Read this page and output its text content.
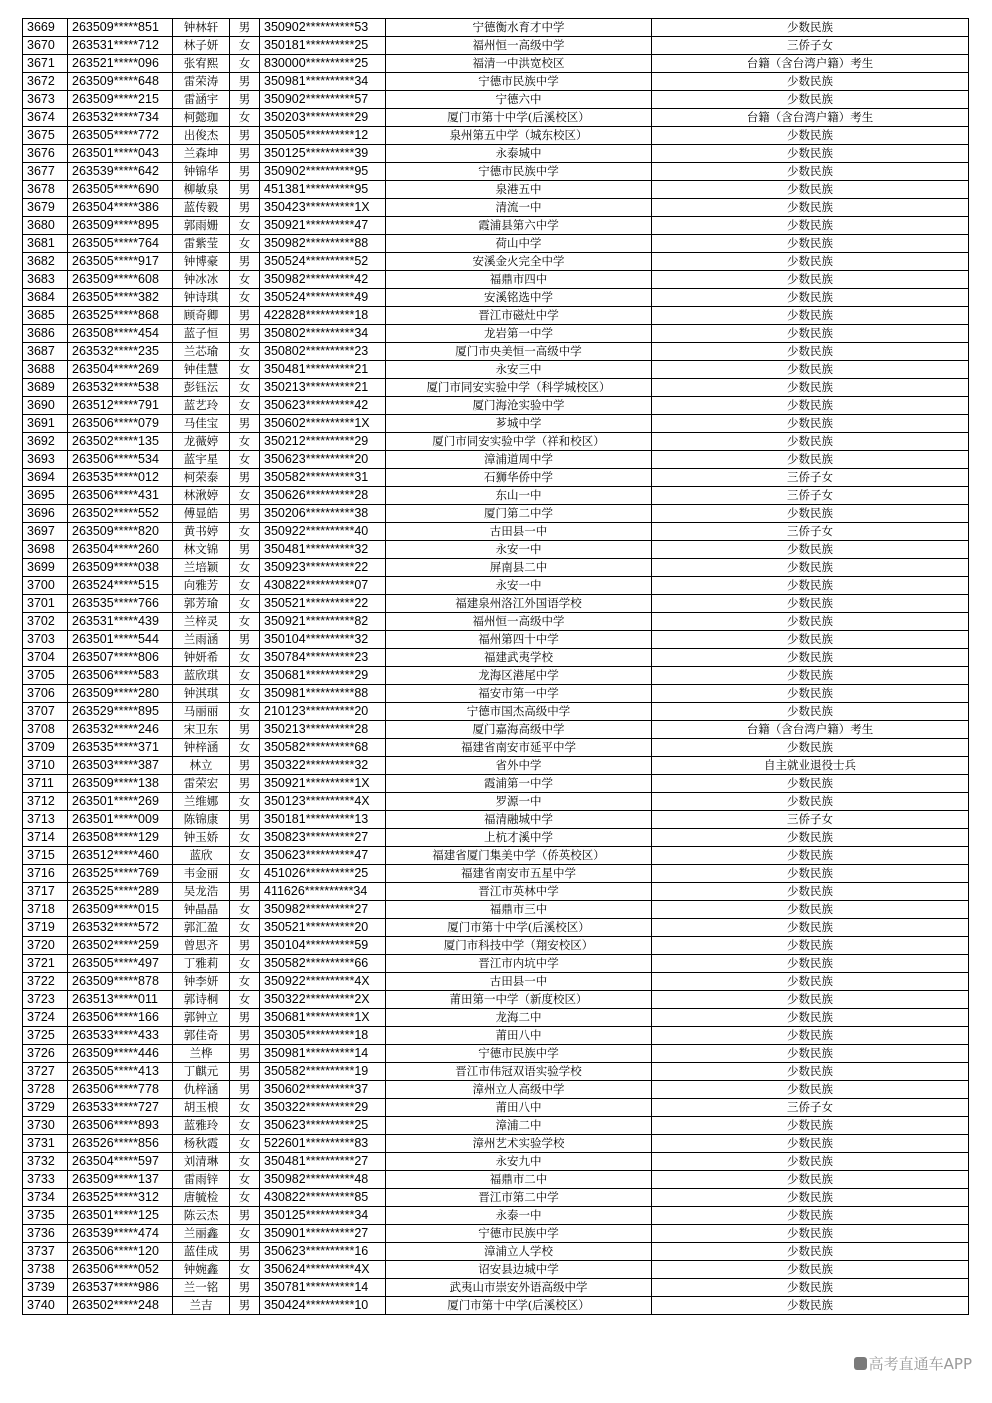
3669	263509*****851	钟林轩	男	350902**********53	宁德衡水育才中学	少数民族
3670	263531*****712	林子妍	女	350181**********25	福州恒一高级中学	三侨子女
3671	263521*****096	张宥熙	女	830000**********25	福清一中洪宽校区	台籍（含台湾户籍）考生
3672	263509*****648	雷荣涛	男	350981**********34	宁德市民族中学	少数民族
3673	263509*****215	雷涵宇	男	350902**********57	宁德六中	少数民族
3674	263532*****734	柯懿珈	女	350203**********29	厦门市第十中学(后溪校区）	台籍（含台湾户籍）考生
3675	263505*****772	出俊杰	男	350505**********12	泉州第五中学（城东校区）	少数民族
3676	263501*****043	兰森坤	男	350125**********39	永泰城中	少数民族
3677	263539*****642	钟锦华	男	350902**********95	宁德市民族中学	少数民族
3678	263505*****690	柳敏泉	男	451381**********95	泉港五中	少数民族
3679	263504*****386	蓝传毅	男	350423**********1X	清流一中	少数民族
3680	263509*****895	郭雨姗	女	350921**********47	霞浦县第六中学	少数民族
3681	263505*****764	雷紫莹	女	350982**********88	荷山中学	少数民族
3682	263505*****917	钟博豪	男	350524**********52	安溪金火完全中学	少数民族
3683	263509*****608	钟冰冰	女	350982**********42	福鼎市四中	少数民族
3684	263505*****382	钟诗琪	女	350524**********49	安溪铭选中学	少数民族
3685	263525*****868	顾奇卿	男	422828**********18	晋江市磁灶中学	少数民族
3686	263508*****454	蓝子恒	男	350802**********34	龙岩第一中学	少数民族
3687	263532*****235	兰芯瑜	女	350802**********23	厦门市央美恒一高级中学	少数民族
3688	263504*****269	钟佳慧	女	350481**********21	永安三中	少数民族
3689	263532*****538	彭钰沄	女	350213**********21	厦门市同安实验中学（科学城校区）	少数民族
3690	263512*****791	蓝艺玲	女	350623**********42	厦门海沧实验中学	少数民族
3691	263506*****079	马佳宝	男	350602**********1X	芗城中学	少数民族
3692	263502*****135	龙薇婷	女	350212**********29	厦门市同安实验中学（祥和校区）	少数民族
3693	263506*****534	蓝宇星	女	350623**********20	漳浦道周中学	少数民族
3694	263535*****012	柯荣泰	男	350582**********31	石狮华侨中学	三侨子女
3695	263506*****431	林湫婷	女	350626**********28	东山一中	三侨子女
3696	263502*****552	傅显皓	男	350206**********38	厦门第二中学	少数民族
3697	263509*****820	黄书婷	女	350922**********40	古田县一中	三侨子女
3698	263504*****260	林文锦	男	350481**********32	永安一中	少数民族
3699	263509*****038	兰培颖	女	350923**********22	屏南县二中	少数民族
3700	263524*****515	向雅芳	女	430822**********07	永安一中	少数民族
3701	263535*****766	郭芳瑜	女	350521**********22	福建泉州洛江外国语学校	少数民族
3702	263531*****439	兰梓灵	女	350921**********82	福州恒一高级中学	少数民族
3703	263501*****544	兰雨涵	男	350104**********32	福州第四十中学	少数民族
3704	263507*****806	钟妍希	女	350784**********23	福建武夷学校	少数民族
3705	263506*****583	蓝欣琪	女	350681**********29	龙海区港尾中学	少数民族
3706	263509*****280	钟淇琪	女	350981**********88	福安市第一中学	少数民族
3707	263529*****895	马丽丽	女	210123**********20	宁德市国杰高级中学	少数民族
3708	263532*****246	宋卫东	男	350213**********28	厦门嘉海高级中学	台籍（含台湾户籍）考生
3709	263535*****371	钟梓涵	女	350582**********68	福建省南安市延平中学	少数民族
3710	263503*****387	林立	男	350322**********32	省外中学	自主就业退役士兵
3711	263509*****138	雷荣宏	男	350921**********1X	霞浦第一中学	少数民族
3712	263501*****269	兰维娜	女	350123**********4X	罗源一中	少数民族
3713	263501*****009	陈锦康	男	350181**********13	福清融城中学	三侨子女
3714	263508*****129	钟玉娇	女	350823**********27	上杭才溪中学	少数民族
3715	263512*****460	蓝欣	女	350623**********47	福建省厦门集美中学（侨英校区）	少数民族
3716	263525*****769	韦金丽	女	451026**********25	福建省南安市五星中学	少数民族
3717	263525*****289	吴龙浩	男	411626**********34	晋江市英林中学	少数民族
3718	263509*****015	钟晶晶	女	350982**********27	福鼎市三中	少数民族
3719	263532*****572	郭汇盈	女	350521**********20	厦门市第十中学(后溪校区）	少数民族
3720	263502*****259	曾思齐	男	350104**********59	厦门市科技中学（翔安校区）	少数民族
3721	263505*****497	丁雅莉	女	350582**********66	晋江市内坑中学	少数民族
3722	263509*****878	钟李妍	女	350922**********4X	古田县一中	少数民族
3723	263513*****011	郭诗桐	女	350322**********2X	莆田第一中学（新度校区）	少数民族
3724	263506*****166	郭钟立	男	350681**********1X	龙海二中	少数民族
3725	263533*****433	郭佳奇	男	350305**********18	莆田八中	少数民族
3726	263509*****446	兰桦	男	350981**********14	宁德市民族中学	少数民族
3727	263505*****413	丁麒元	男	350582**********19	晋江市伟冠双语实验学校	少数民族
3728	263506*****778	仇梓涵	男	350602**********37	漳州立人高级中学	少数民族
3729	263533*****727	胡玉桹	女	350322**********29	莆田八中	三侨子女
3730	263506*****893	蓝雅玲	女	350623**********25	漳浦二中	少数民族
3731	263526*****856	杨秋霞	女	522601**********83	漳州艺术实验学校	少数民族
3732	263504*****597	刘清琳	女	350481**********27	永安九中	少数民族
3733	263509*****137	雷雨锌	女	350982**********48	福鼎市二中	少数民族
3734	263525*****312	唐毓检	女	430822**********85	晋江市第二中学	少数民族
3735	263501*****125	陈云杰	男	350125**********34	永泰一中	少数民族
3736	263539*****474	兰丽鑫	女	350901**********27	宁德市民族中学	少数民族
3737	263506*****120	蓝佳成	男	350623**********16	漳浦立人学校	少数民族
3738	263506*****052	钟婉鑫	女	350624**********4X	诏安县边城中学	少数民族
3739	263537*****986	兰一铭	男	350781**********14	武夷山市崇安外语高级中学	少数民族
3740	263502*****248	兰吉	男	350424**********10	厦门市第十中学(后溪校区）	少数民族
高考直通车APP
